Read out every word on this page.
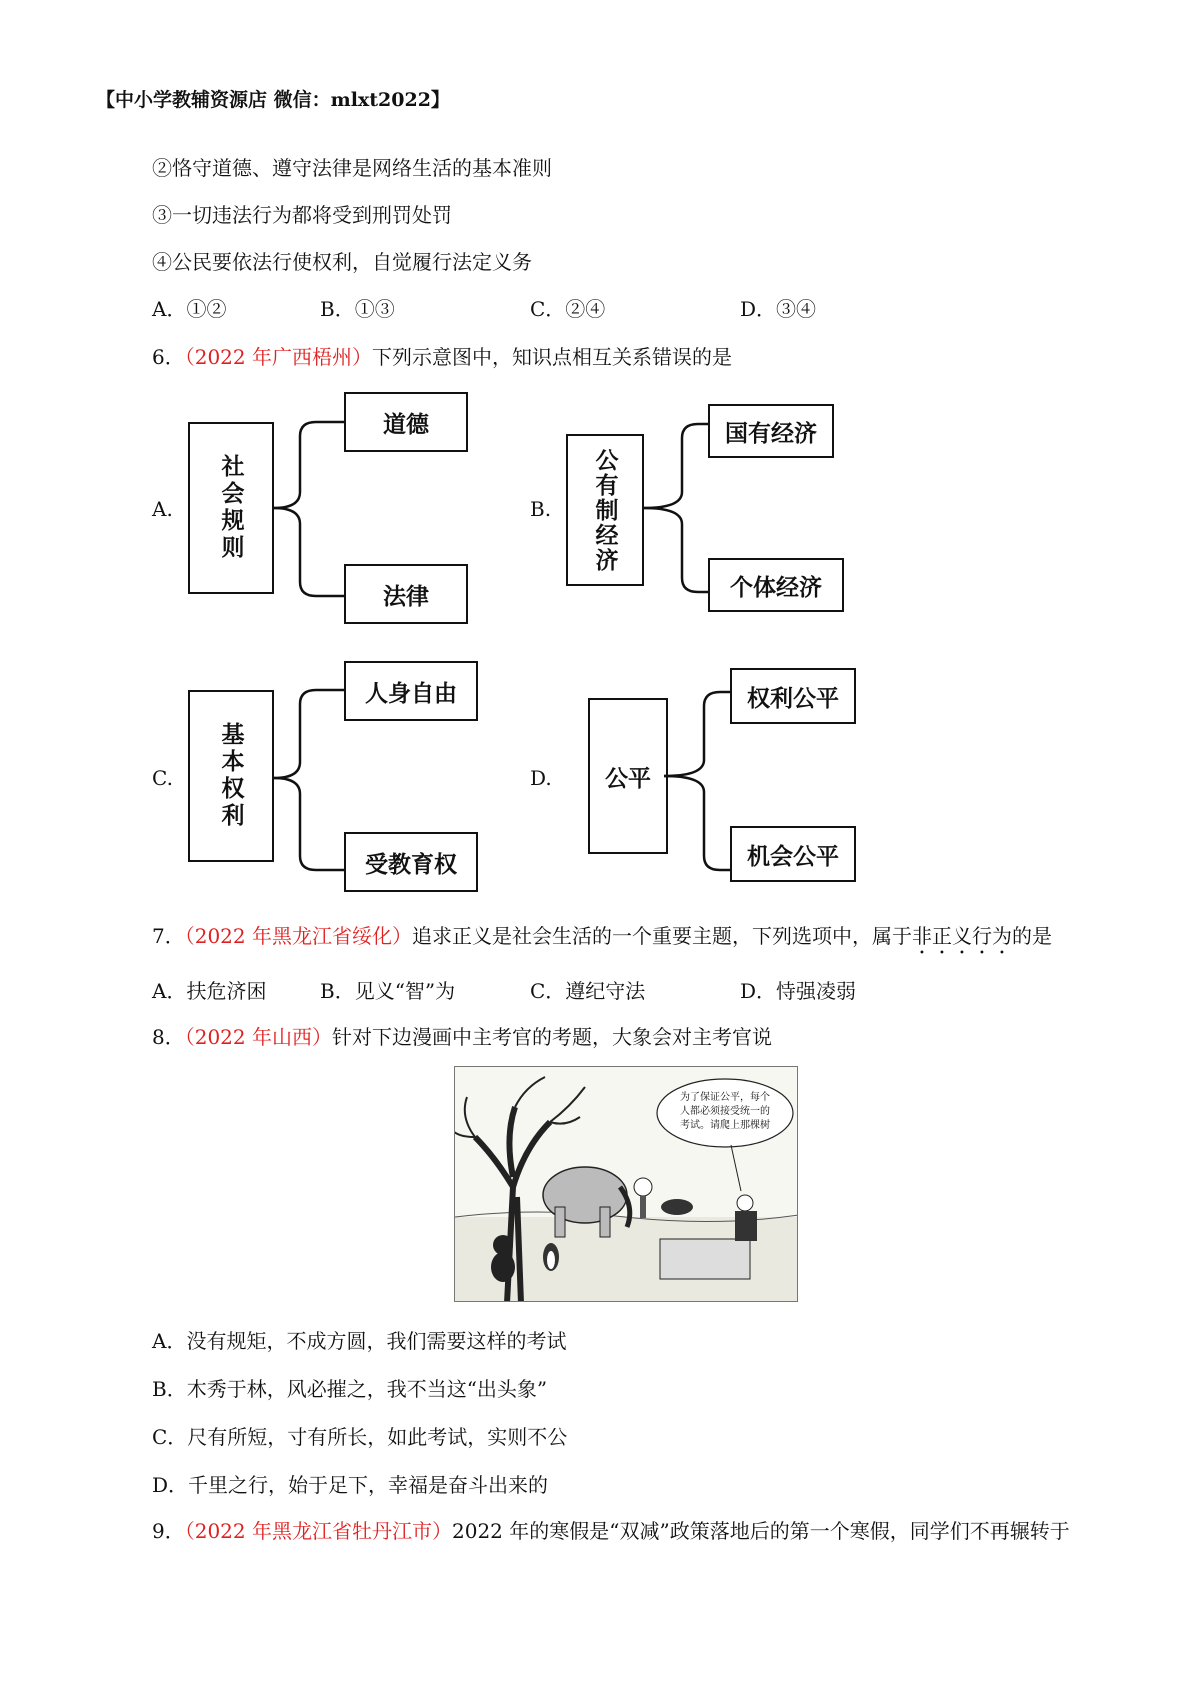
【中小学教辅资源店 微信：mlxt2022】
②恪守道德、遵守法律是网络生活的基本准则
③一切违法行为都将受到刑罚处罚
④公民要依法行使权利，自觉履行法定义务
A．①②	B．①③	C．②④	D．③④
6．（2022 年广西梧州）下列示意图中，知识点相互关系错误的是
A.	社会规则
道德
法律
B.	公有制经济
国有经济
个体经济
C.	基本权利
人身自由
受教育权
D.	公平
权利公平
机会公平
7．（2022 年黑龙江省绥化）追求正义是社会生活的一个重要主题，下列选项中，属于非正义行为的是
A．扶危济困	B．见义“智”为	C．遵纪守法	D．恃强凌弱
8．（2022 年山西）针对下边漫画中主考官的考题，大象会对主考官说
为了保证公平，每个
人都必须接受统一的
考试。请爬上那棵树
A．没有规矩，不成方圆，我们需要这样的考试
B．木秀于林，风必摧之，我不当这“出头象”
C．尺有所短，寸有所长，如此考试，实则不公
D．千里之行，始于足下，幸福是奋斗出来的
9．（2022 年黑龙江省牡丹江市）2022 年的寒假是“双减”政策落地后的第一个寒假，同学们不再辗转于
